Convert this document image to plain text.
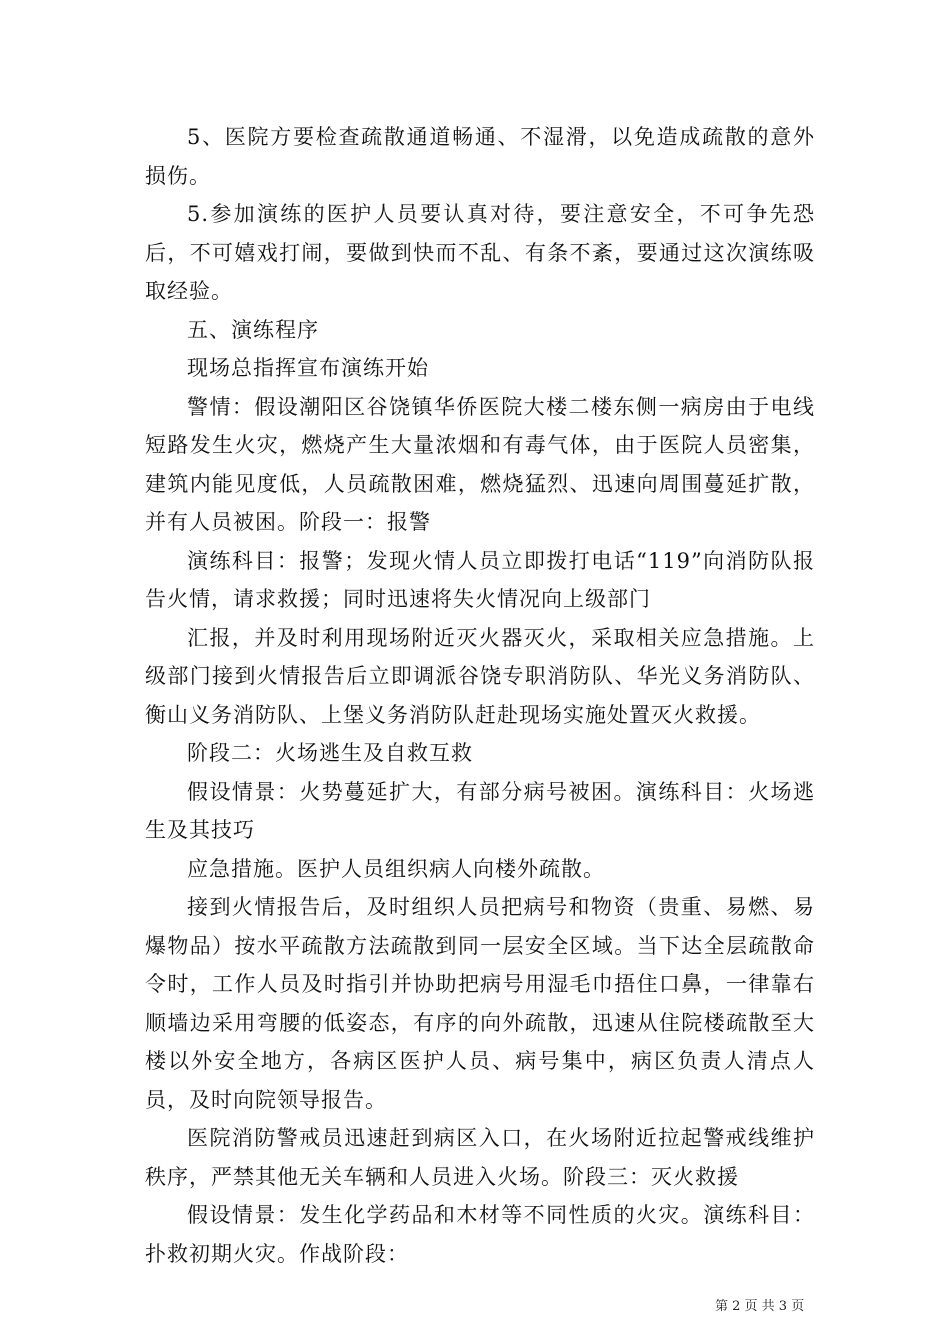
5、医院方要检查疏散通道畅通、不湿滑，以免造成疏散的意外损伤。

5.参加演练的医护人员要认真对待，要注意安全，不可争先恐后，不可嬉戏打闹，要做到快而不乱、有条不紊，要通过这次演练吸取经验。

五、演练程序

现场总指挥宣布演练开始

警情：假设潮阳区谷饶镇华侨医院大楼二楼东侧一病房由于电线短路发生火灾，燃烧产生大量浓烟和有毒气体，由于医院人员密集，建筑内能见度低，人员疏散困难，燃烧猛烈、迅速向周围蔓延扩散，并有人员被困。阶段一：报警

演练科目：报警；发现火情人员立即拨打电话“119”向消防队报告火情，请求救援；同时迅速将失火情况向上级部门

汇报，并及时利用现场附近灭火器灭火，采取相关应急措施。上级部门接到火情报告后立即调派谷饶专职消防队、华光义务消防队、衡山义务消防队、上堡义务消防队赶赴现场实施处置灭火救援。

阶段二：火场逃生及自救互救

假设情景：火势蔓延扩大，有部分病号被困。演练科目：火场逃生及其技巧

应急措施。医护人员组织病人向楼外疏散。

接到火情报告后，及时组织人员把病号和物资（贵重、易燃、易爆物品）按水平疏散方法疏散到同一层安全区域。当下达全层疏散命令时，工作人员及时指引并协助把病号用湿毛巾捂住口鼻，一律靠右顺墙边采用弯腰的低姿态，有序的向外疏散，迅速从住院楼疏散至大楼以外安全地方，各病区医护人员、病号集中，病区负责人清点人员，及时向院领导报告。

医院消防警戒员迅速赶到病区入口，在火场附近拉起警戒线维护秩序，严禁其他无关车辆和人员进入火场。阶段三：灭火救援

假设情景：发生化学药品和木材等不同性质的火灾。演练科目：扑救初期火灾。作战阶段：

第 2 页 共 3 页
